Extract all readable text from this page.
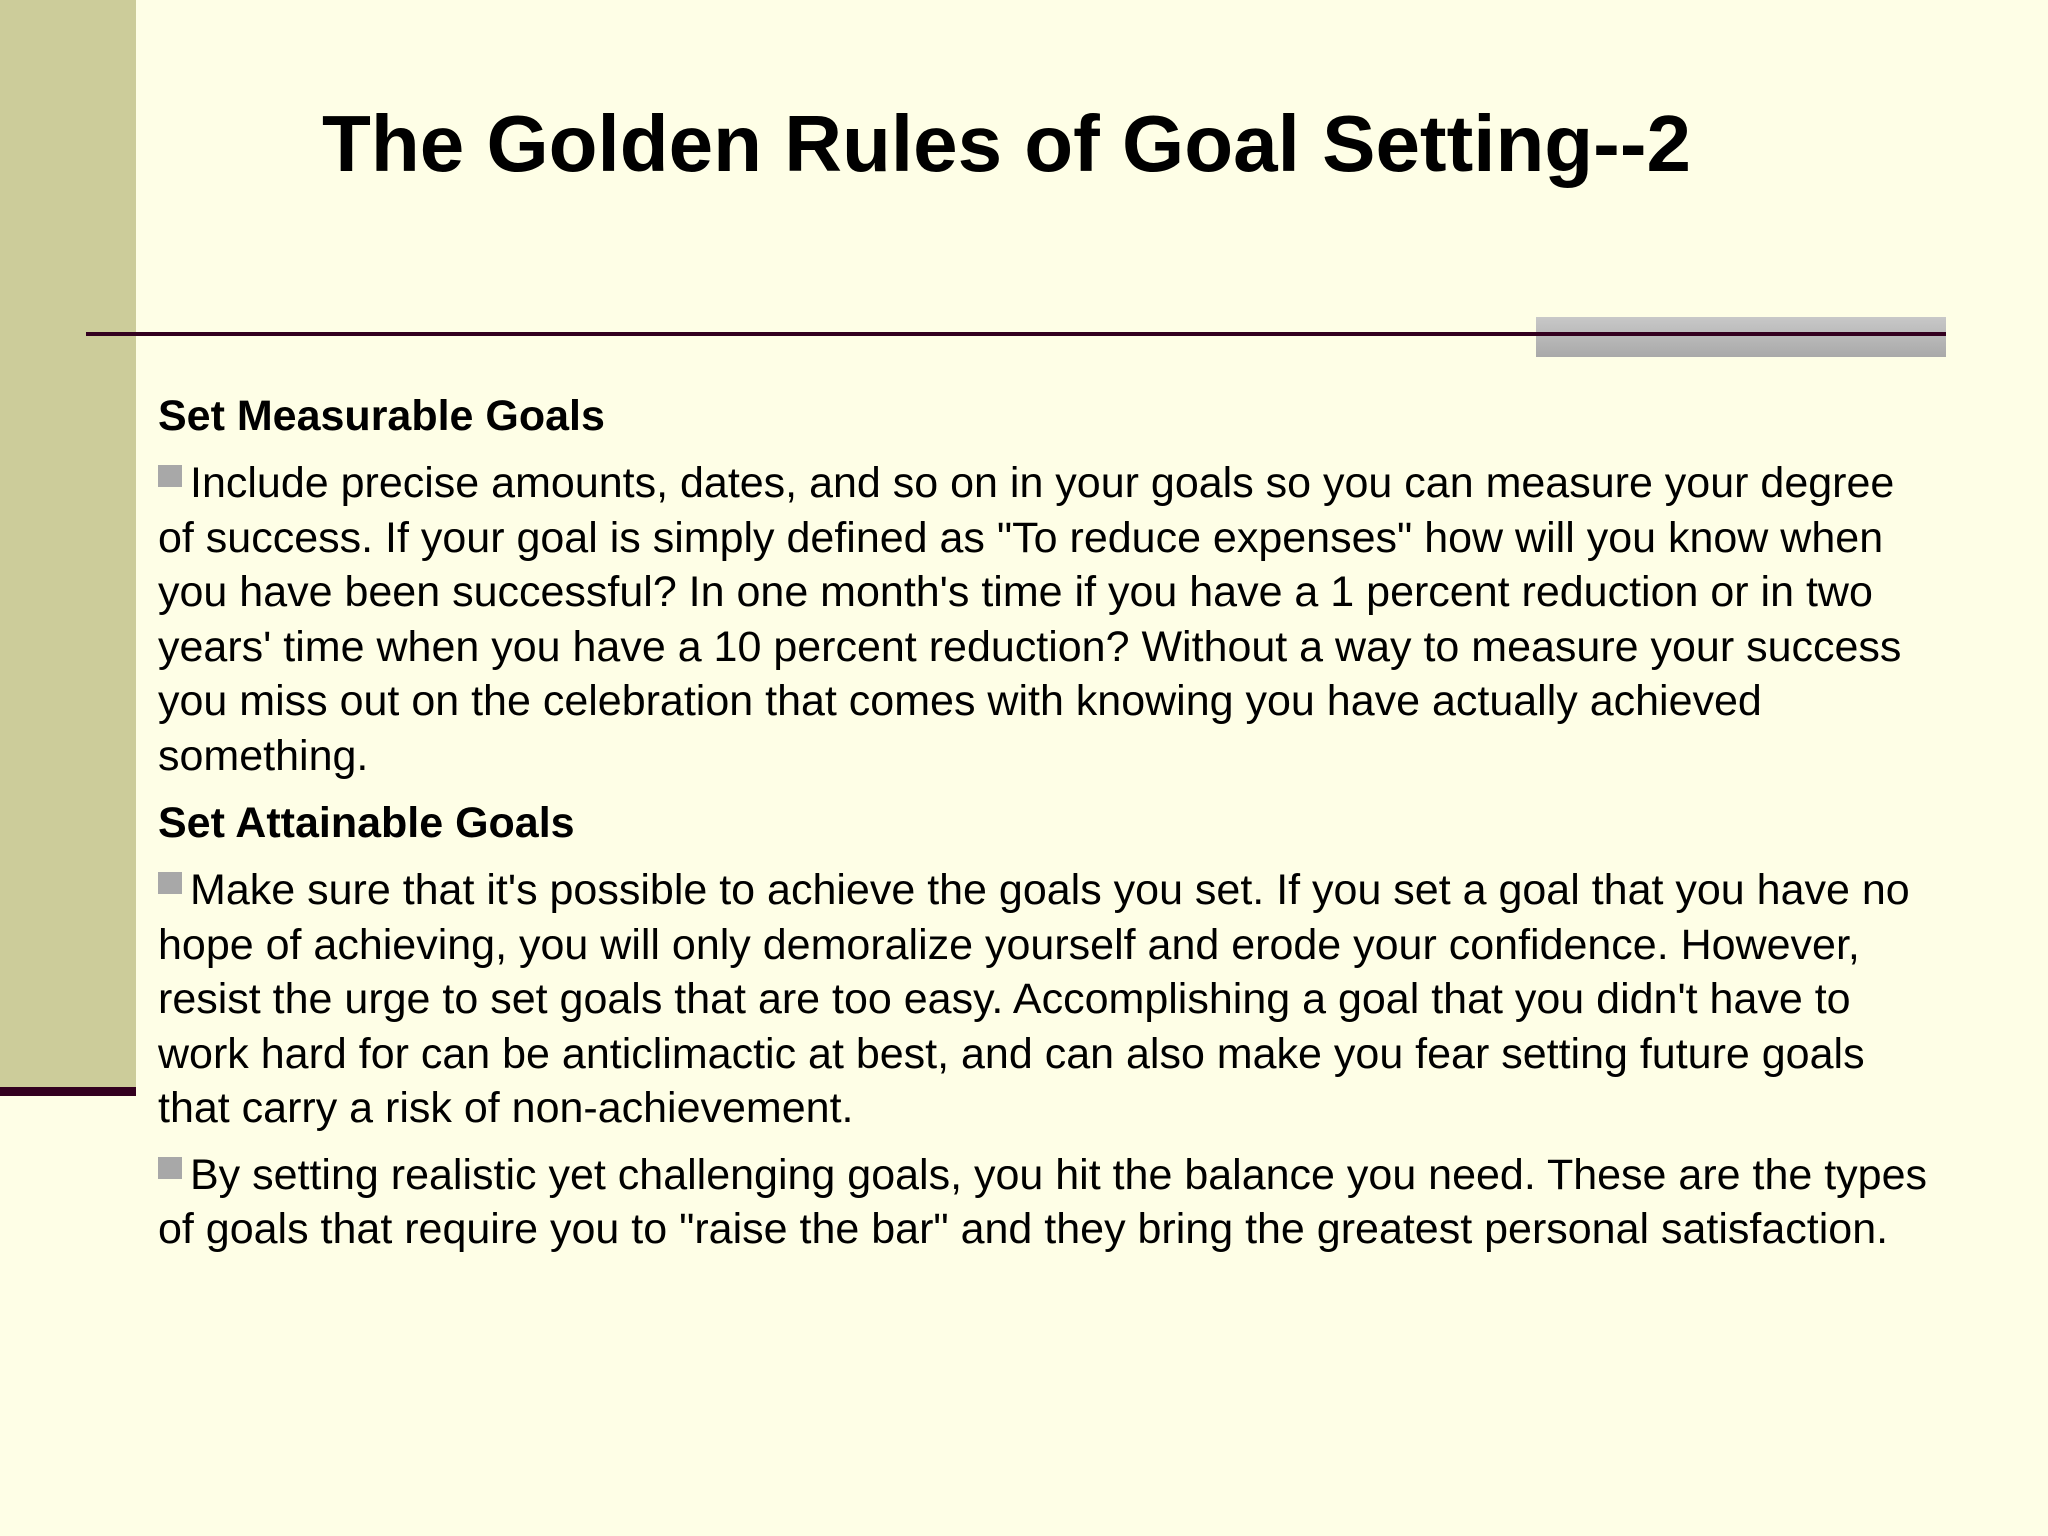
The Golden Rules of Goal Setting--2

Set Measurable Goals

Include precise amounts, dates, and so on in your goals so you can measure your degree
of success. If your goal is simply defined as "To reduce expenses" how will you know when
you have been successful? In one month's time if you have a 1 percent reduction or in two
years' time when you have a 10 percent reduction? Without a way to measure your success
you miss out on the celebration that comes with knowing you have actually achieved
something.

Set Attainable Goals

Make sure that it's possible to achieve the goals you set. If you set a goal that you have no
hope of achieving, you will only demoralize yourself and erode your confidence. However,
resist the urge to set goals that are too easy. Accomplishing a goal that you didn't have to
work hard for can be anticlimactic at best, and can also make you fear setting future goals
that carry a risk of non-achievement.

By setting realistic yet challenging goals, you hit the balance you need. These are the types
of goals that require you to "raise the bar" and they bring the greatest personal satisfaction.
